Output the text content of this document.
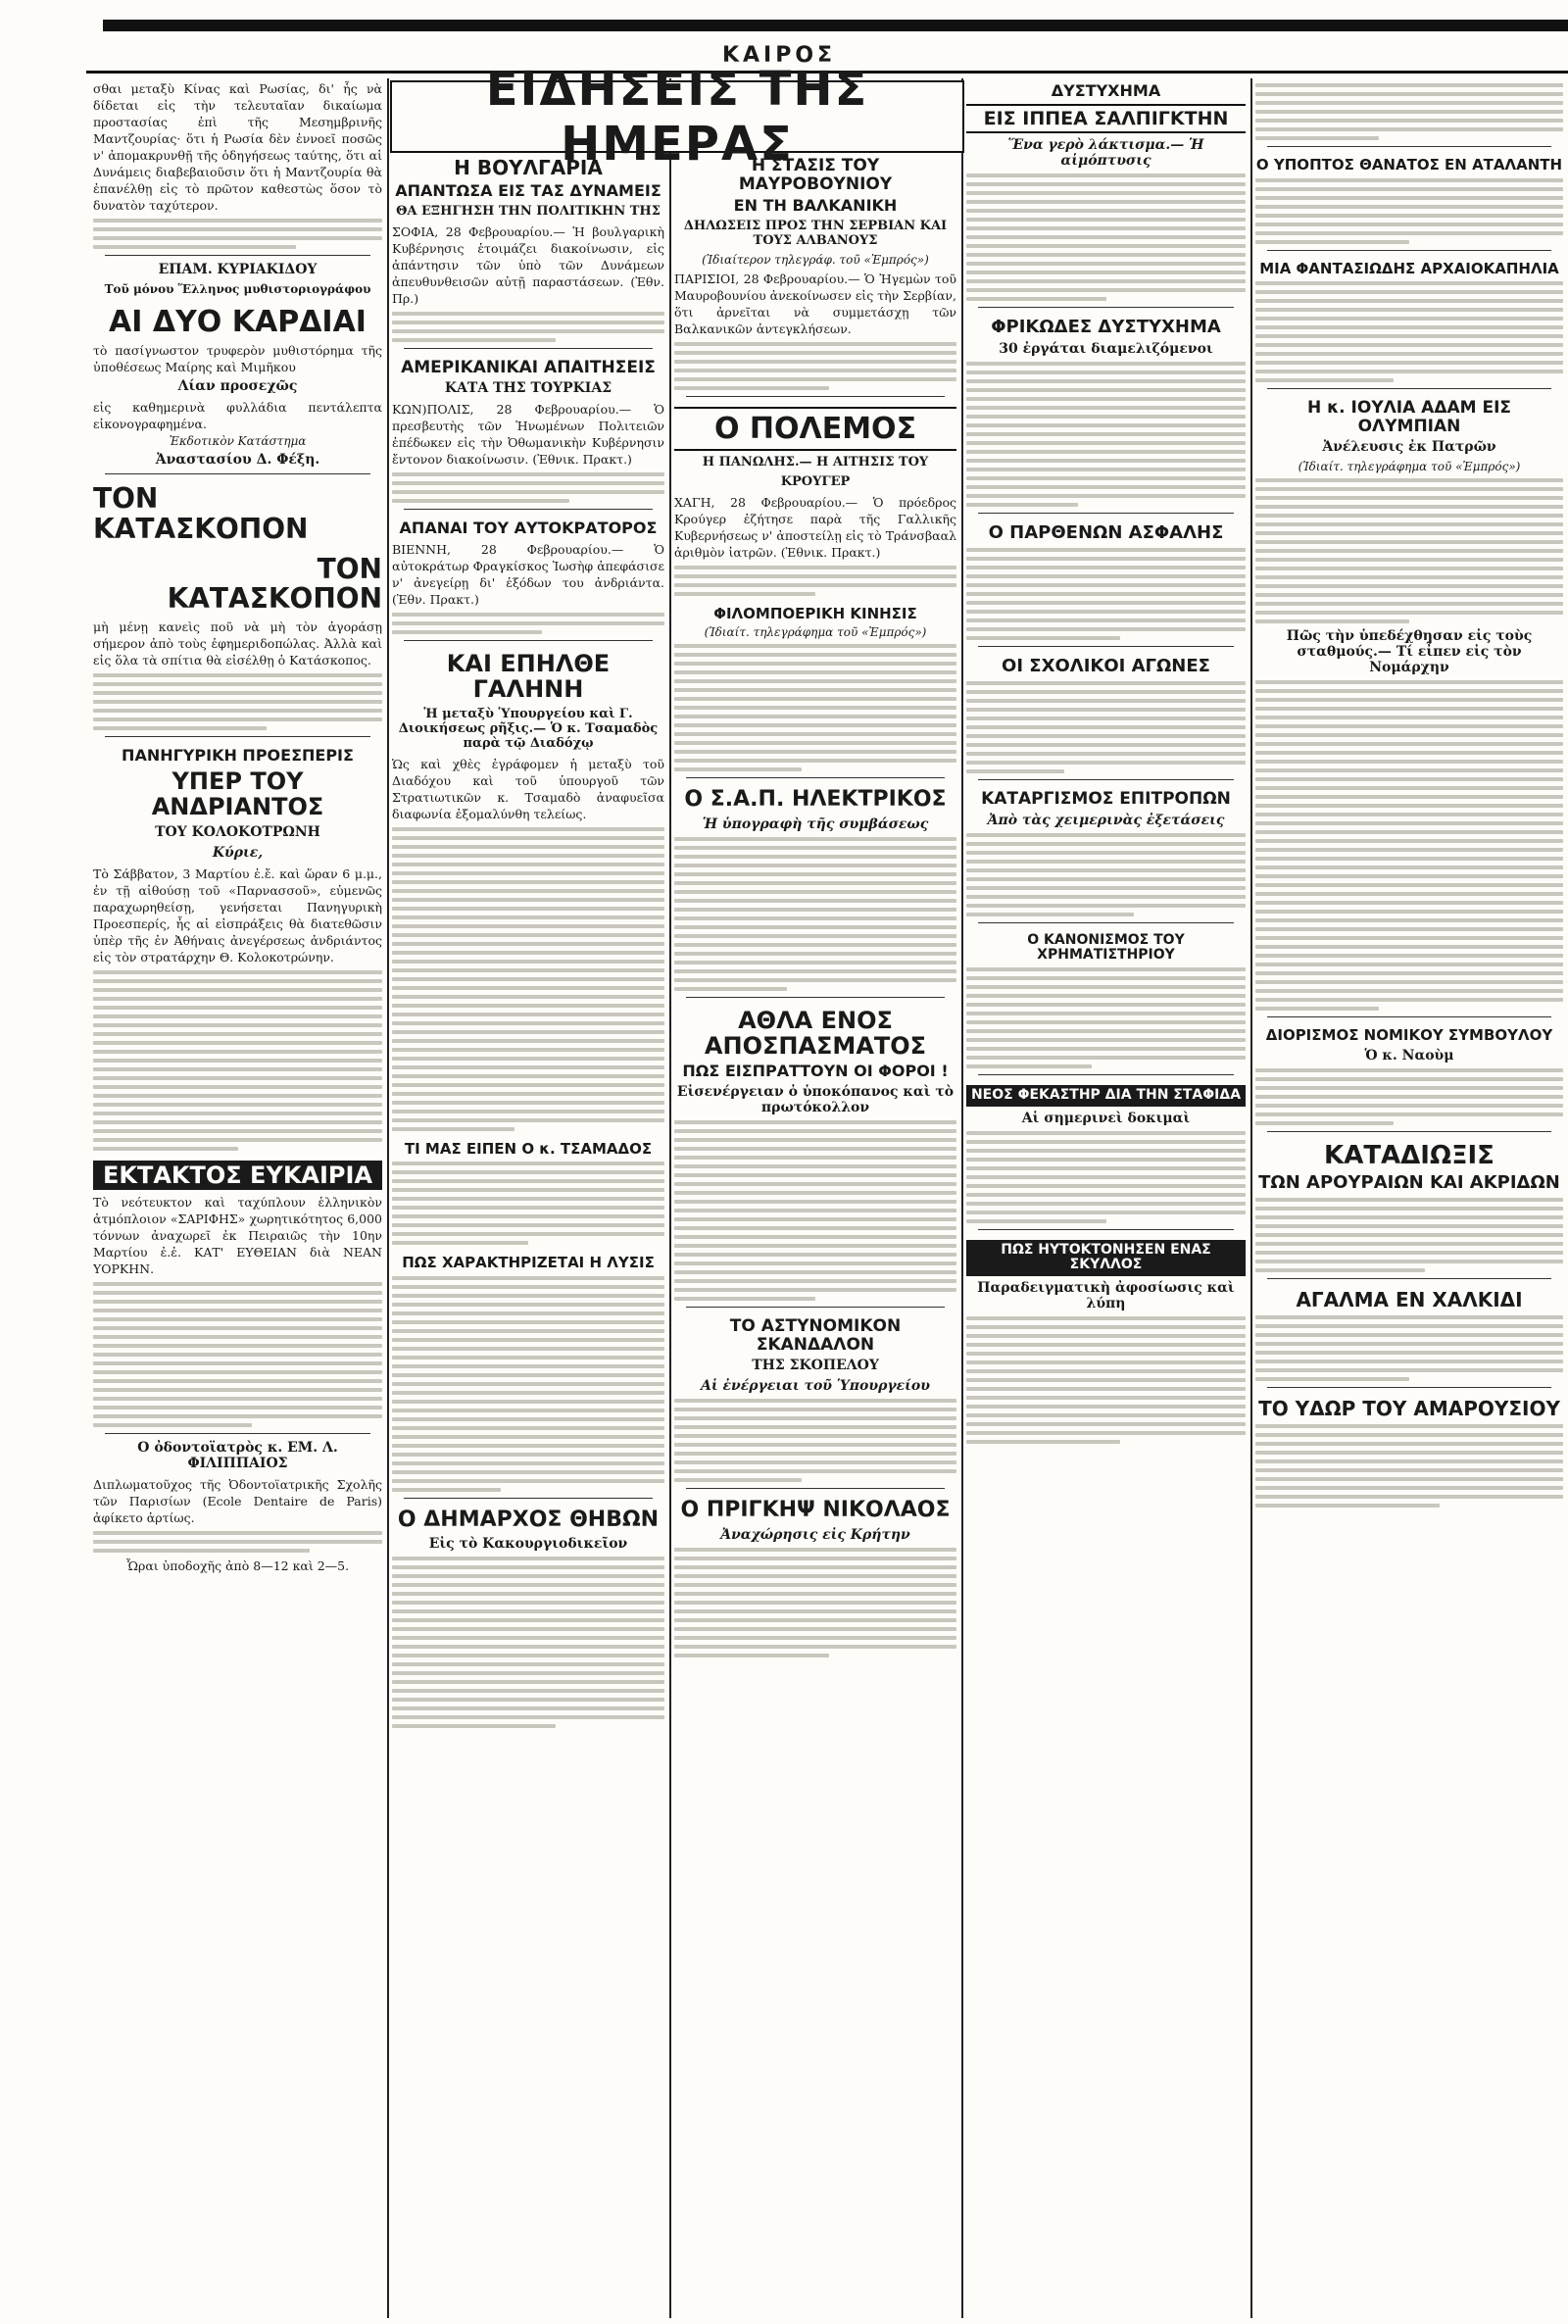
ΚΑΙΡΟΣ

σθαι μεταξὺ Κίνας καὶ Ρωσίας, δι' ἧς νὰ δίδεται εἰς τὴν τελευταῖαν δικαίωμα προστασίας ἐπὶ τῆς Μεσημβρινῆς Μαντζουρίας· ὅτι ἡ Ρωσία δὲν ἐννοεῖ ποσῶς ν' ἀπομακρυνθῇ τῆς ὁδηγήσεως ταύτης, ὅτι αἱ Δυνάμεις διαβεβαιοῦσιν ὅτι ἡ Μαντζουρία θὰ ἐπανέλθῃ εἰς τὸ πρῶτον καθεστὼς ὅσον τὸ δυνατὸν ταχύτερον.

ΕΠΑΜ. ΚΥΡΙΑΚΙΔΟΥ
Τοῦ μόνου Ἕλληνος μυθιστοριογράφου
ΑΙ ΔΥΟ ΚΑΡΔΙΑΙ

τὸ πασίγνωστον τρυφερὸν μυθιστόρημα τῆς ὑποθέσεως Μαίρης καὶ Μιμῆκου

Λίαν προσεχῶς

εἰς καθημερινὰ φυλλάδια πεντάλεπτα εἰκονογραφημένα.

Ἐκδοτικὸν Κατάστημα
Ἀναστασίου Δ. Φέξη.
ΤΟΝ ΚΑΤΑΣΚΟΠΟΝ
ΤΟΝ ΚΑΤΑΣΚΟΠΟΝ

μὴ μένῃ κανεὶς ποῦ νὰ μὴ τὸν ἀγοράσῃ σήμερον ἀπὸ τοὺς ἐφημεριδοπώλας. Ἀλλὰ καὶ εἰς ὅλα τὰ σπίτια θὰ εἰσέλθῃ ὁ Κατάσκοπος.

ΠΑΝΗΓΥΡΙΚΗ ΠΡΟΕΣΠΕΡΙΣ
ΥΠΕΡ ΤΟΥ ΑΝΔΡΙΑΝΤΟΣ
ΤΟΥ ΚΟΛΟΚΟΤΡΩΝΗ
Κύριε,

Τὸ Σάββατον, 3 Μαρτίου ἐ.ἔ. καὶ ὥραν 6 μ.μ., ἐν τῇ αἰθούσῃ τοῦ «Παρνασσοῦ», εὐμενῶς παραχωρηθείσῃ, γενήσεται Πανηγυρικὴ Προεσπερίς, ἧς αἱ εἰσπράξεις θὰ διατεθῶσιν ὑπὲρ τῆς ἐν Ἀθήναις ἀνεγέρσεως ἀνδριάντος εἰς τὸν στρατάρχην Θ. Κολοκοτρώνην.

ΕΚΤΑΚΤΟΣ ΕΥΚΑΙΡΙΑ

Τὸ νεότευκτον καὶ ταχύπλουν ἑλληνικὸν ἀτμόπλοιον «ΣΑΡΙΦΗΣ» χωρητικότητος 6,000 τόννων ἀναχωρεῖ ἐκ Πειραιῶς τὴν 10ην Μαρτίου ἐ.ἐ. ΚΑΤ' ΕΥΘΕΙΑΝ διὰ ΝΕΑΝ ΥΟΡΚΗΝ.

Ο ὀδοντοϊατρὸς κ. ΕΜ. Λ. ΦΙΛΙΠΠΑΙΟΣ

Διπλωματοῦχος τῆς Ὀδοντοϊατρικῆς Σχολῆς τῶν Παρισίων (Ecole Dentaire de Paris) ἀφίκετο ἀρτίως.

Ὧραι ὑποδοχῆς ἀπὸ 8—12 καὶ 2—5.

ΕΙΔΗΣΕΙΣ ΤΗΣ ΗΜΕΡΑΣ
Η ΒΟΥΛΓΑΡΙΑ
ΑΠΑΝΤΩΣΑ ΕΙΣ ΤΑΣ ΔΥΝΑΜΕΙΣ
ΘΑ ΕΞΗΓΗΣΗ ΤΗΝ ΠΟΛΙΤΙΚΗΝ ΤΗΣ

ΣΟΦΙΑ, 28 Φεβρουαρίου.— Ἡ βουλγαρικὴ Κυβέρνησις ἑτοιμάζει διακοίνωσιν, εἰς ἀπάντησιν τῶν ὑπὸ τῶν Δυνάμεων ἀπευθυνθεισῶν αὐτῇ παραστάσεων. (Ἐθν. Πρ.)

ΑΜΕΡΙΚΑΝΙΚΑΙ ΑΠΑΙΤΗΣΕΙΣ
ΚΑΤΑ ΤΗΣ ΤΟΥΡΚΙΑΣ

ΚΩΝ)ΠΟΛΙΣ, 28 Φεβρουαρίου.— Ὁ πρεσβευτὴς τῶν Ἡνωμένων Πολιτειῶν ἐπέδωκεν εἰς τὴν Ὀθωμανικὴν Κυβέρνησιν ἔντονον διακοίνωσιν. (Ἐθνικ. Πρακτ.)

ΑΠΑΝΑΙ ΤΟΥ ΑΥΤΟΚΡΑΤΟΡΟΣ

ΒΙΕΝΝΗ, 28 Φεβρουαρίου.— Ὁ αὐτοκράτωρ Φραγκίσκος Ἰωσὴφ ἀπεφάσισε ν' ἀνεγείρῃ δι' ἐξόδων του ἀνδριάντα. (Ἐθν. Πρακτ.)

ΚΑΙ ΕΠΗΛΘΕ ΓΑΛΗΝΗ
Ἡ μεταξὺ Ὑπουργείου καὶ Γ. Διοικήσεως ρῆξις.— Ὁ κ. Τσαμαδὸς παρὰ τῷ Διαδόχῳ

Ὡς καὶ χθὲς ἐγράφομεν ἡ μεταξὺ τοῦ Διαδόχου καὶ τοῦ ὑπουργοῦ τῶν Στρατιωτικῶν κ. Τσαμαδὸ ἀναφυεῖσα διαφωνία ἐξομαλύνθη τελείως.

ΤΙ ΜΑΣ ΕΙΠΕΝ Ο κ. ΤΣΑΜΑΔΟΣ
ΠΩΣ ΧΑΡΑΚΤΗΡΙΖΕΤΑΙ Η ΛΥΣΙΣ
Ο ΔΗΜΑΡΧΟΣ ΘΗΒΩΝ
Εἰς τὸ Κακουργιοδικεῖον
Η ΣΤΑΣΙΣ ΤΟΥ ΜΑΥΡΟΒΟΥΝΙΟΥ
ΕΝ ΤΗ ΒΑΛΚΑΝΙΚΗ
ΔΗΛΩΣΕΙΣ ΠΡΟΣ ΤΗΝ ΣΕΡΒΙΑΝ ΚΑΙ ΤΟΥΣ ΑΛΒΑΝΟΥΣ
(Ἰδιαίτερον τηλεγράφ. τοῦ «Ἐμπρός»)

ΠΑΡΙΣΙΟΙ, 28 Φεβρουαρίου.— Ὁ Ἠγεμὼν τοῦ Μαυροβουνίου ἀνεκοίνωσεν εἰς τὴν Σερβίαν, ὅτι ἀρνεῖται νὰ συμμετάσχῃ τῶν Βαλκανικῶν ἀντεγκλήσεων.

Ο ΠΟΛΕΜΟΣ
Η ΠΑΝΩΛΗΣ.— Η ΑΙΤΗΣΙΣ ΤΟΥ
ΚΡΟΥΓΕΡ

ΧΑΓΗ, 28 Φεβρουαρίου.— Ὁ πρόεδρος Κρούγερ ἐζήτησε παρὰ τῆς Γαλλικῆς Κυβερνήσεως ν' ἀποστείλῃ εἰς τὸ Τράνσβααλ ἀριθμὸν ἰατρῶν. (Ἐθνικ. Πρακτ.)

ΦΙΛΟΜΠΟΕΡΙΚΗ ΚΙΝΗΣΙΣ
(Ἰδιαίτ. τηλεγράφημα τοῦ «Ἐμπρός»)
Ο Σ.Α.Π. ΗΛΕΚΤΡΙΚΟΣ
Ἡ ὑπογραφὴ τῆς συμβάσεως
ΑΘΛΑ ΕΝΟΣ ΑΠΟΣΠΑΣΜΑΤΟΣ
ΠΩΣ ΕΙΣΠΡΑΤΤΟΥΝ ΟΙ ΦΟΡΟΙ !
Εἰσενέργειαν ὁ ὑποκόπανος καὶ τὸ πρωτόκολλον
ΤΟ ΑΣΤΥΝΟΜΙΚΟΝ ΣΚΑΝΔΑΛΟΝ
ΤΗΣ ΣΚΟΠΕΛΟΥ
Αἱ ἐνέργειαι τοῦ Ὑπουργείου
Ο ΠΡΙΓΚΗΨ ΝΙΚΟΛΑΟΣ
Ἀναχώρησις εἰς Κρήτην
ΔΥΣΤΥΧΗΜΑ
ΕΙΣ ΙΠΠΕΑ ΣΑΛΠΙΓΚΤΗΝ
Ἕνα γερὸ λάκτισμα.— Ἡ αἱμόπτυσις
ΦΡΙΚΩΔΕΣ ΔΥΣΤΥΧΗΜΑ
30 ἐργάται διαμελιζόμενοι
Ο ΠΑΡΘΕΝΩΝ ΑΣΦΑΛΗΣ
ΟΙ ΣΧΟΛΙΚΟΙ ΑΓΩΝΕΣ
ΚΑΤΑΡΓΙΣΜΟΣ ΕΠΙΤΡΟΠΩΝ
Ἀπὸ τὰς χειμερινὰς ἐξετάσεις
Ο ΚΑΝΟΝΙΣΜΟΣ ΤΟΥ ΧΡΗΜΑΤΙΣΤΗΡΙΟΥ
ΝΕΟΣ ΦΕΚΑΣΤΗΡ ΔΙΑ ΤΗΝ ΣΤΑΦΙΔΑ
Αἱ σημερινεὶ δοκιμαὶ
ΠΩΣ ΗΥΤΟΚΤΟΝΗΣΕΝ ΕΝΑΣ ΣΚΥΛΛΟΣ
Παραδειγματικὴ ἀφοσίωσις καὶ λύπη
Ο ΥΠΟΠΤΟΣ ΘΑΝΑΤΟΣ ΕΝ ΑΤΑΛΑΝΤΗ
ΜΙΑ ΦΑΝΤΑΣΙΩΔΗΣ ΑΡΧΑΙΟΚΑΠΗΛΙΑ
Η κ. ΙΟΥΛΙΑ ΑΔΑΜ ΕΙΣ ΟΛΥΜΠΙΑΝ
Ἀνέλευσις ἐκ Πατρῶν
(Ἰδιαίτ. τηλεγράφημα τοῦ «Ἐμπρός»)
Πῶς τὴν ὑπεδέχθησαν εἰς τοὺς σταθμούς.— Τί εἶπεν εἰς τὸν Νομάρχην
ΔΙΟΡΙΣΜΟΣ ΝΟΜΙΚΟΥ ΣΥΜΒΟΥΛΟΥ
Ὁ κ. Ναοὺμ
ΚΑΤΑΔΙΩΞΙΣ
ΤΩΝ ΑΡΟΥΡΑΙΩΝ ΚΑΙ ΑΚΡΙΔΩΝ
ΑΓΑΛΜΑ ΕΝ ΧΑΛΚΙΔΙ
ΤΟ ΥΔΩΡ ΤΟΥ ΑΜΑΡΟΥΣΙΟΥ
